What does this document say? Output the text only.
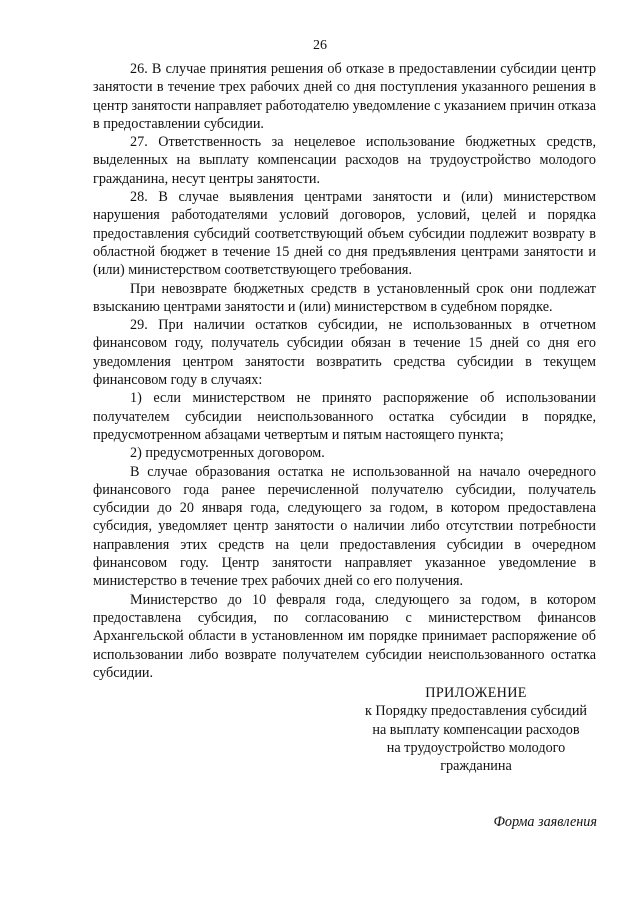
26

26. В случае принятия решения об отказе в предоставлении субсидии центр занятости в течение трех рабочих дней со дня поступления указанного решения в центр занятости направляет работодателю уведомление с указанием причин отказа в предоставлении субсидии.

27. Ответственность за нецелевое использование бюджетных средств, выделенных на выплату компенсации расходов на трудоустройство молодого гражданина, несут центры занятости.

28. В случае выявления центрами занятости и (или) министерством нарушения работодателями условий договоров, условий, целей и порядка предоставления субсидий соответствующий объем субсидии подлежит возврату в областной бюджет в течение 15 дней со дня предъявления центрами занятости и (или) министерством соответствующего требования.

При невозврате бюджетных средств в установленный срок они подлежат взысканию центрами занятости и (или) министерством в судебном порядке.

29. При наличии остатков субсидии, не использованных в отчетном финансовом году, получатель субсидии обязан в течение 15 дней со дня его уведомления центром занятости возвратить средства субсидии в текущем финансовом году в случаях:

1) если министерством не принято распоряжение об использовании получателем субсидии неиспользованного остатка субсидии в порядке, предусмотренном абзацами четвертым и пятым настоящего пункта;

2) предусмотренных договором.

В случае образования остатка не использованной на начало очередного финансового года ранее перечисленной получателю субсидии, получатель субсидии до 20 января года, следующего за годом, в котором предоставлена субсидия, уведомляет центр занятости о наличии либо отсутствии потребности направления этих средств на цели предоставления субсидии в очередном финансовом году. Центр занятости направляет указанное уведомление в министерство в течение трех рабочих дней со его получения.

Министерство до 10 февраля года, следующего за годом, в котором предоставлена субсидия, по согласованию с министерством финансов Архангельской области в установленном им порядке принимает распоряжение об использовании либо возврате получателем субсидии неиспользованного остатка субсидии.

ПРИЛОЖЕНИЕ
к Порядку предоставления субсидий
на выплату компенсации расходов
на трудоустройство молодого
гражданина
Форма заявления
